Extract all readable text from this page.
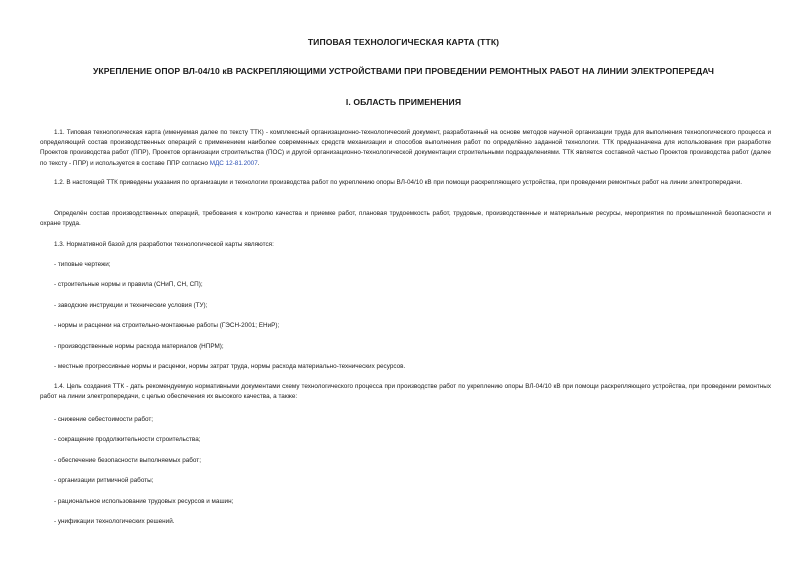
ТИПОВАЯ ТЕХНОЛОГИЧЕСКАЯ КАРТА (ТТК)
УКРЕПЛЕНИЕ ОПОР ВЛ-04/10 кВ РАСКРЕПЛЯЮЩИМИ УСТРОЙСТВАМИ ПРИ ПРОВЕДЕНИИ РЕМОНТНЫХ РАБОТ НА ЛИНИИ ЭЛЕКТРОПЕРЕДАЧ
I. ОБЛАСТЬ ПРИМЕНЕНИЯ
1.1. Типовая технологическая карта (именуемая далее по тексту ТТК) - комплексный организационно-технологический документ, разработанный на основе методов научной организации труда для выполнения технологического процесса и определяющий состав производственных операций с применением наиболее современных средств механизации и способов выполнения работ по определённо заданной технологии. ТТК предназначена для использования при разработке Проектов производства работ (ППР), Проектов организации строительства (ПОС) и другой организационно-технологической документации строительными подразделениями. ТТК является составной частью Проектов производства работ (далее по тексту - ППР) и используется в составе ППР согласно МДС 12-81.2007.
1.2. В настоящей ТТК приведены указания по организации и технологии производства работ по укреплению опоры ВЛ-04/10 кВ при помощи раскрепляющего устройства, при проведении ремонтных работ на линии электропередачи.
Определён состав производственных операций, требования к контролю качества и приемке работ, плановая трудоемкость работ, трудовые, производственные и материальные ресурсы, мероприятия по промышленной безопасности и охране труда.
1.3. Нормативной базой для разработки технологической карты являются:
- типовые чертежи;
- строительные нормы и правила (СНиП, СН, СП);
- заводские инструкции и технические условия (ТУ);
- нормы и расценки на строительно-монтажные работы (ГЭСН-2001; ЕНиР);
- производственные нормы расхода материалов (НПРМ);
- местные прогрессивные нормы и расценки, нормы затрат труда, нормы расхода материально-технических ресурсов.
1.4. Цель создания ТТК - дать рекомендуемую нормативными документами схему технологического процесса при производстве работ по укреплению опоры ВЛ-04/10 кВ при помощи раскрепляющего устройства, при проведении ремонтных работ на линии электропередачи, с целью обеспечения их высокого качества, а также:
- снижение себестоимости работ;
- сокращение продолжительности строительства;
- обеспечение безопасности выполняемых работ;
- организации ритмичной работы;
- рациональное использование трудовых ресурсов и машин;
- унификации технологических решений.
